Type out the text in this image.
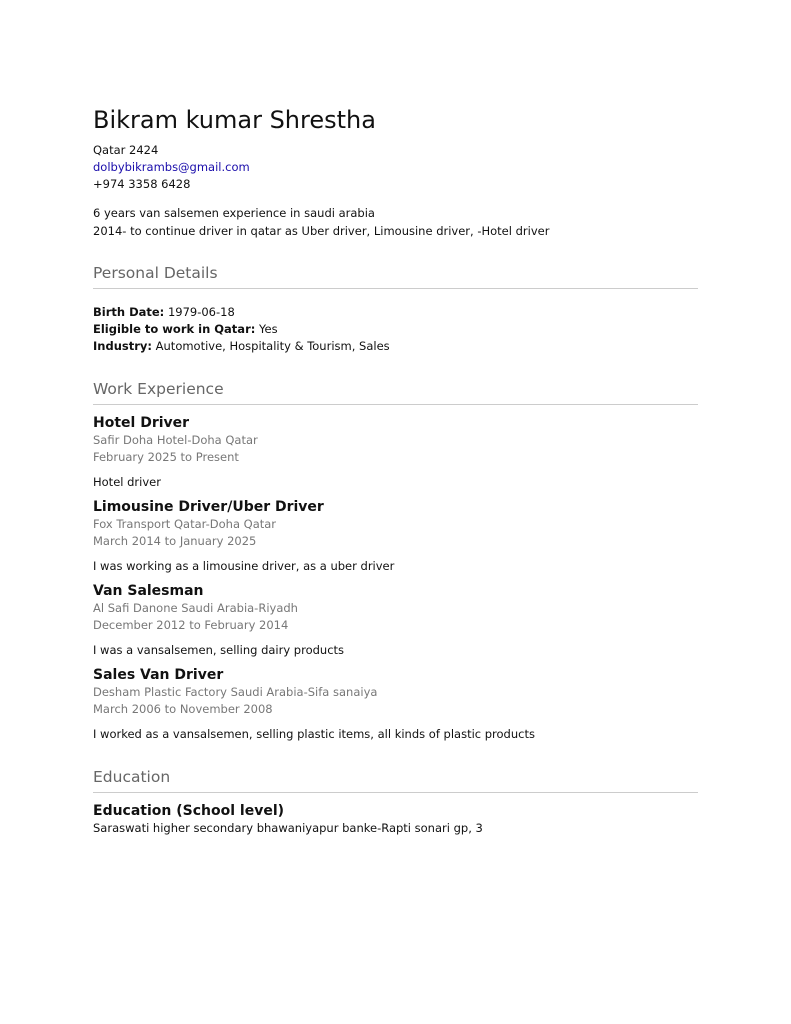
Bikram kumar Shrestha
Qatar 2424
dolbybikrambs@gmail.com
+974 3358 6428
6 years van salsemen experience in saudi arabia
2014- to continue driver in qatar as Uber driver, Limousine driver, -Hotel driver
Personal Details
Birth Date: 1979-06-18
Eligible to work in Qatar: Yes
Industry: Automotive, Hospitality & Tourism, Sales
Work Experience
Hotel Driver
Safir Doha Hotel-Doha Qatar
February 2025 to Present
Hotel driver
Limousine Driver/Uber Driver
Fox Transport Qatar-Doha Qatar
March 2014 to January 2025
I was working as a limousine driver, as a uber driver
Van Salesman
Al Safi Danone Saudi Arabia-Riyadh
December 2012 to February 2014
I was a vansalsemen, selling dairy products
Sales Van Driver
Desham Plastic Factory Saudi Arabia-Sifa sanaiya
March 2006 to November 2008
I worked as a vansalsemen, selling plastic items, all kinds of plastic products
Education
Education (School level)
Saraswati higher secondary bhawaniyapur banke-Rapti sonari gp, 3
